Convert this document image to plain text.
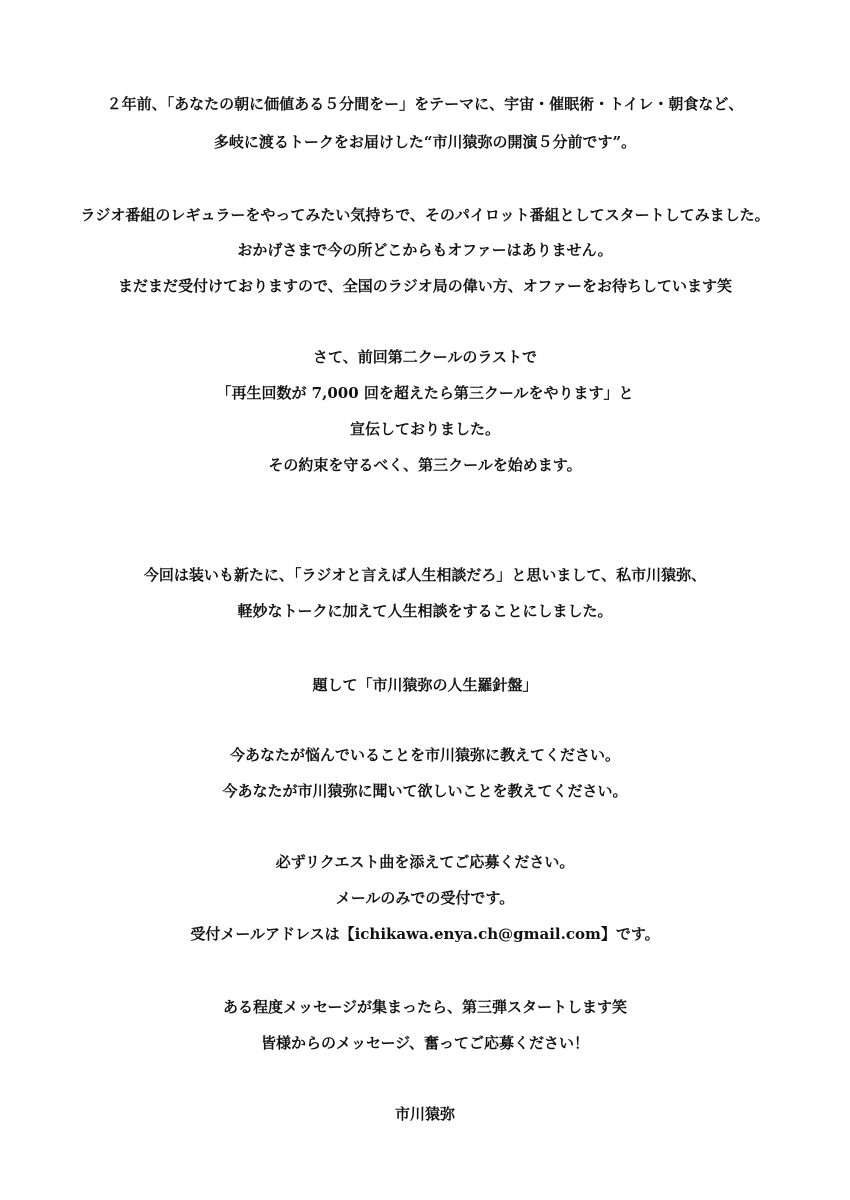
２年前、「あなたの朝に価値ある５分間をー」をテーマに、宇宙・催眠術・トイレ・朝食など、
多岐に渡るトークをお届けした“市川猿弥の開演５分前です”。
ラジオ番組のレギュラーをやってみたい気持ちで、そのパイロット番組としてスタートしてみました。
おかげさまで今の所どこからもオファーはありません。
まだまだ受付けておりますので、全国のラジオ局の偉い方、オファーをお待ちしています笑
さて、前回第二クールのラストで
「再生回数が 7,000 回を超えたら第三クールをやります」と
宣伝しておりました。
その約束を守るべく、第三クールを始めます。
今回は装いも新たに、「ラジオと言えば人生相談だろ」と思いまして、私市川猿弥、
軽妙なトークに加えて人生相談をすることにしました。
題して「市川猿弥の人生羅針盤」
今あなたが悩んでいることを市川猿弥に教えてください。
今あなたが市川猿弥に聞いて欲しいことを教えてください。
必ずリクエスト曲を添えてご応募ください。
メールのみでの受付です。
受付メールアドレスは【ichikawa.enya.ch@gmail.com】です。
ある程度メッセージが集まったら、第三弾スタートします笑
皆様からのメッセージ、奮ってご応募ください！
市川猿弥
